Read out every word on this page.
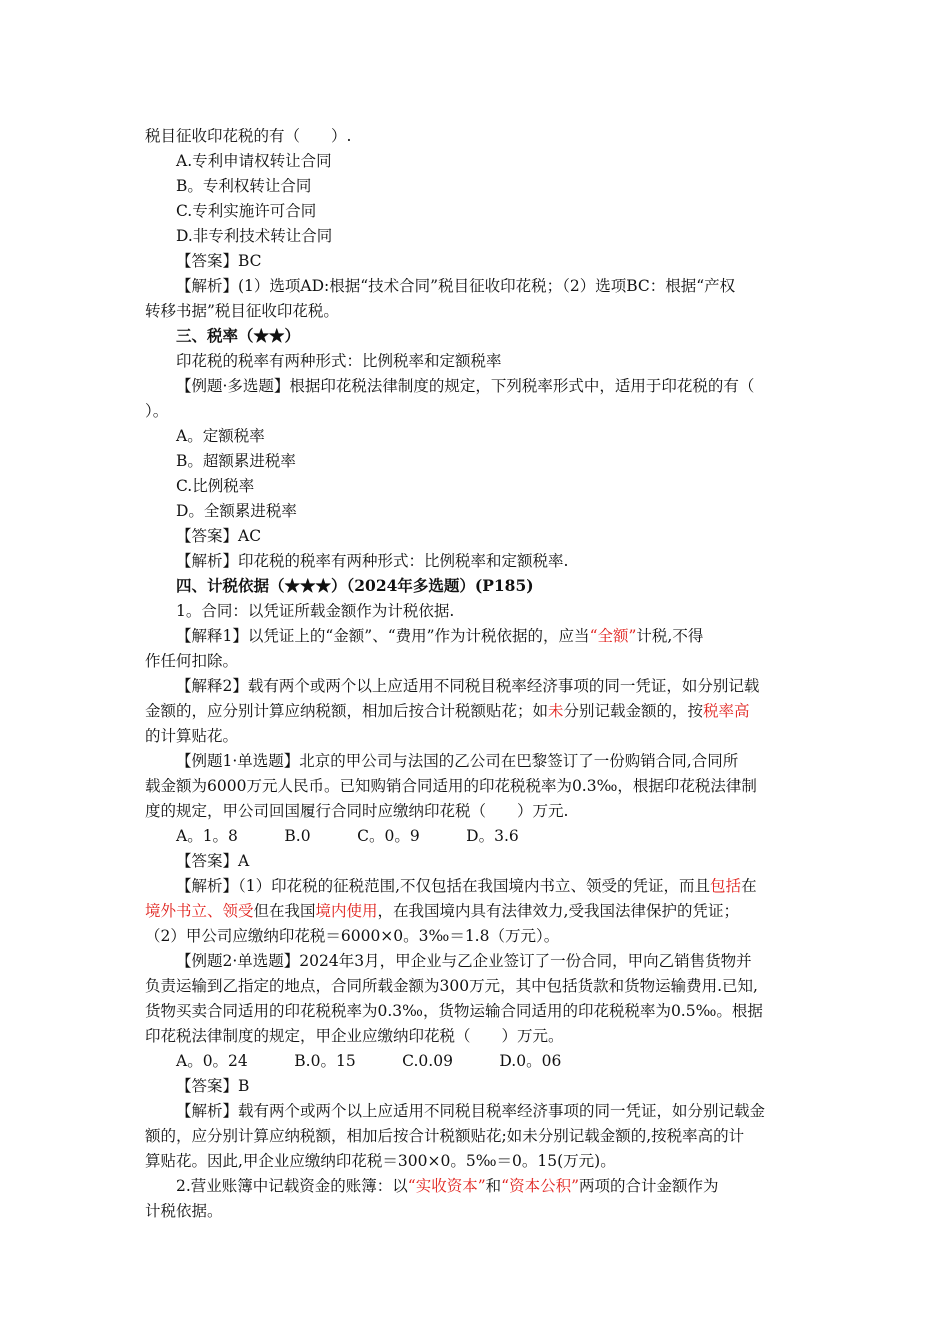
税目征收印花税的有（　　）.
A.专利申请权转让合同
B。专利权转让合同
C.专利实施许可合同
D.非专利技术转让合同
【答案】BC
【解析】(1）选项AD:根据“技术合同”税目征收印花税；（2）选项BC：根据“产权
转移书据”税目征收印花税。
三、税率（★★）
印花税的税率有两种形式：比例税率和定额税率
【例题·多选题】根据印花税法律制度的规定，下列税率形式中，适用于印花税的有（
）。
A。定额税率
B。超额累进税率
C.比例税率
D。全额累进税率
【答案】AC
【解析】印花税的税率有两种形式：比例税率和定额税率.
四、计税依据（★★★）（2024年多选题）(P185)
1。合同：以凭证所载金额作为计税依据.
【解释1】以凭证上的“金额”、“费用”作为计税依据的，应当“全额”计税,不得
作任何扣除。
【解释2】载有两个或两个以上应适用不同税目税率经济事项的同一凭证，如分别记载
金额的，应分别计算应纳税额，相加后按合计税额贴花；如未分别记载金额的，按税率高
的计算贴花。
【例题1·单选题】北京的甲公司与法国的乙公司在巴黎签订了一份购销合同,合同所
载金额为6000万元人民币。已知购销合同适用的印花税税率为0.3‰，根据印花税法律制
度的规定，甲公司回国履行合同时应缴纳印花税（　　）万元.
A。1。8　　　B.0　　　C。0。9　　　D。3.6
【答案】A
【解析】（1）印花税的征税范围,不仅包括在我国境内书立、领受的凭证，而且包括在
境外书立、领受但在我国境内使用，在我国境内具有法律效力,受我国法律保护的凭证；
（2）甲公司应缴纳印花税＝6000×0。3‰＝1.8（万元）。
【例题2·单选题】2024年3月，甲企业与乙企业签订了一份合同，甲向乙销售货物并
负责运输到乙指定的地点，合同所载金额为300万元，其中包括货款和货物运输费用.已知,
货物买卖合同适用的印花税税率为0.3‰，货物运输合同适用的印花税税率为0.5‰。根据
印花税法律制度的规定，甲企业应缴纳印花税（　　）万元。
A。0。24　　　B.0。15　　　C.0.09　　　D.0。06
【答案】B
【解析】载有两个或两个以上应适用不同税目税率经济事项的同一凭证，如分别记载金
额的，应分别计算应纳税额，相加后按合计税额贴花;如未分别记载金额的,按税率高的计
算贴花。因此,甲企业应缴纳印花税＝300×0。5‰＝0。15(万元)。
2.营业账簿中记载资金的账簿：以“实收资本”和“资本公积”两项的合计金额作为
计税依据。
